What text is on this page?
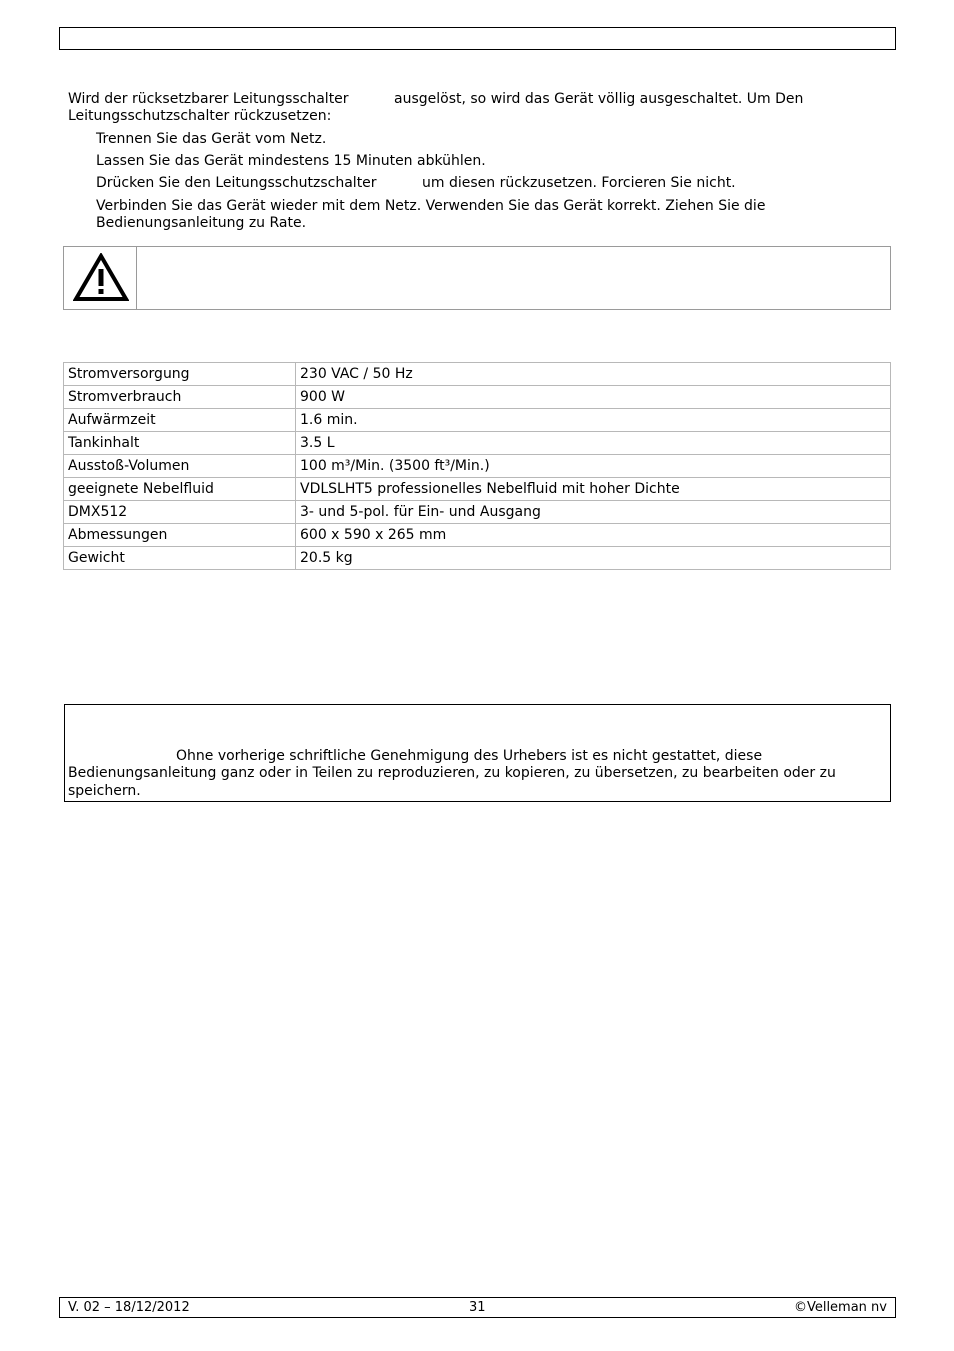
Wird der rücksetzbarer Leitungsschalter	ausgelöst, so wird das Gerät völlig ausgeschaltet. Um Den
Leitungsschutzschalter rückzusetzen:
Trennen Sie das Gerät vom Netz.
Lassen Sie das Gerät mindestens 15 Minuten abkühlen.
Drücken Sie den Leitungsschutzschalter	um diesen rückzusetzen. Forcieren Sie nicht.
Verbinden Sie das Gerät wieder mit dem Netz. Verwenden Sie das Gerät korrekt. Ziehen Sie die
Bedienungsanleitung zu Rate.
Stromversorgung	230 VAC / 50 Hz
Stromverbrauch	900 W
Aufwärmzeit	1.6 min.
Tankinhalt	3.5 L
Ausstoß-Volumen	100 m³/Min. (3500 ft³/Min.)
geeignete Nebelfluid	VDLSLHT5 professionelles Nebelfluid mit hoher Dichte
DMX512	3- und 5-pol. für Ein- und Ausgang
Abmessungen	600 x 590 x 265 mm
Gewicht	20.5 kg
Ohne vorherige schriftliche Genehmigung des Urhebers ist es nicht gestattet, diese
Bedienungsanleitung ganz oder in Teilen zu reproduzieren, zu kopieren, zu übersetzen, zu bearbeiten oder zu
speichern.
V. 02 – 18/12/2012	31	©Velleman nv
